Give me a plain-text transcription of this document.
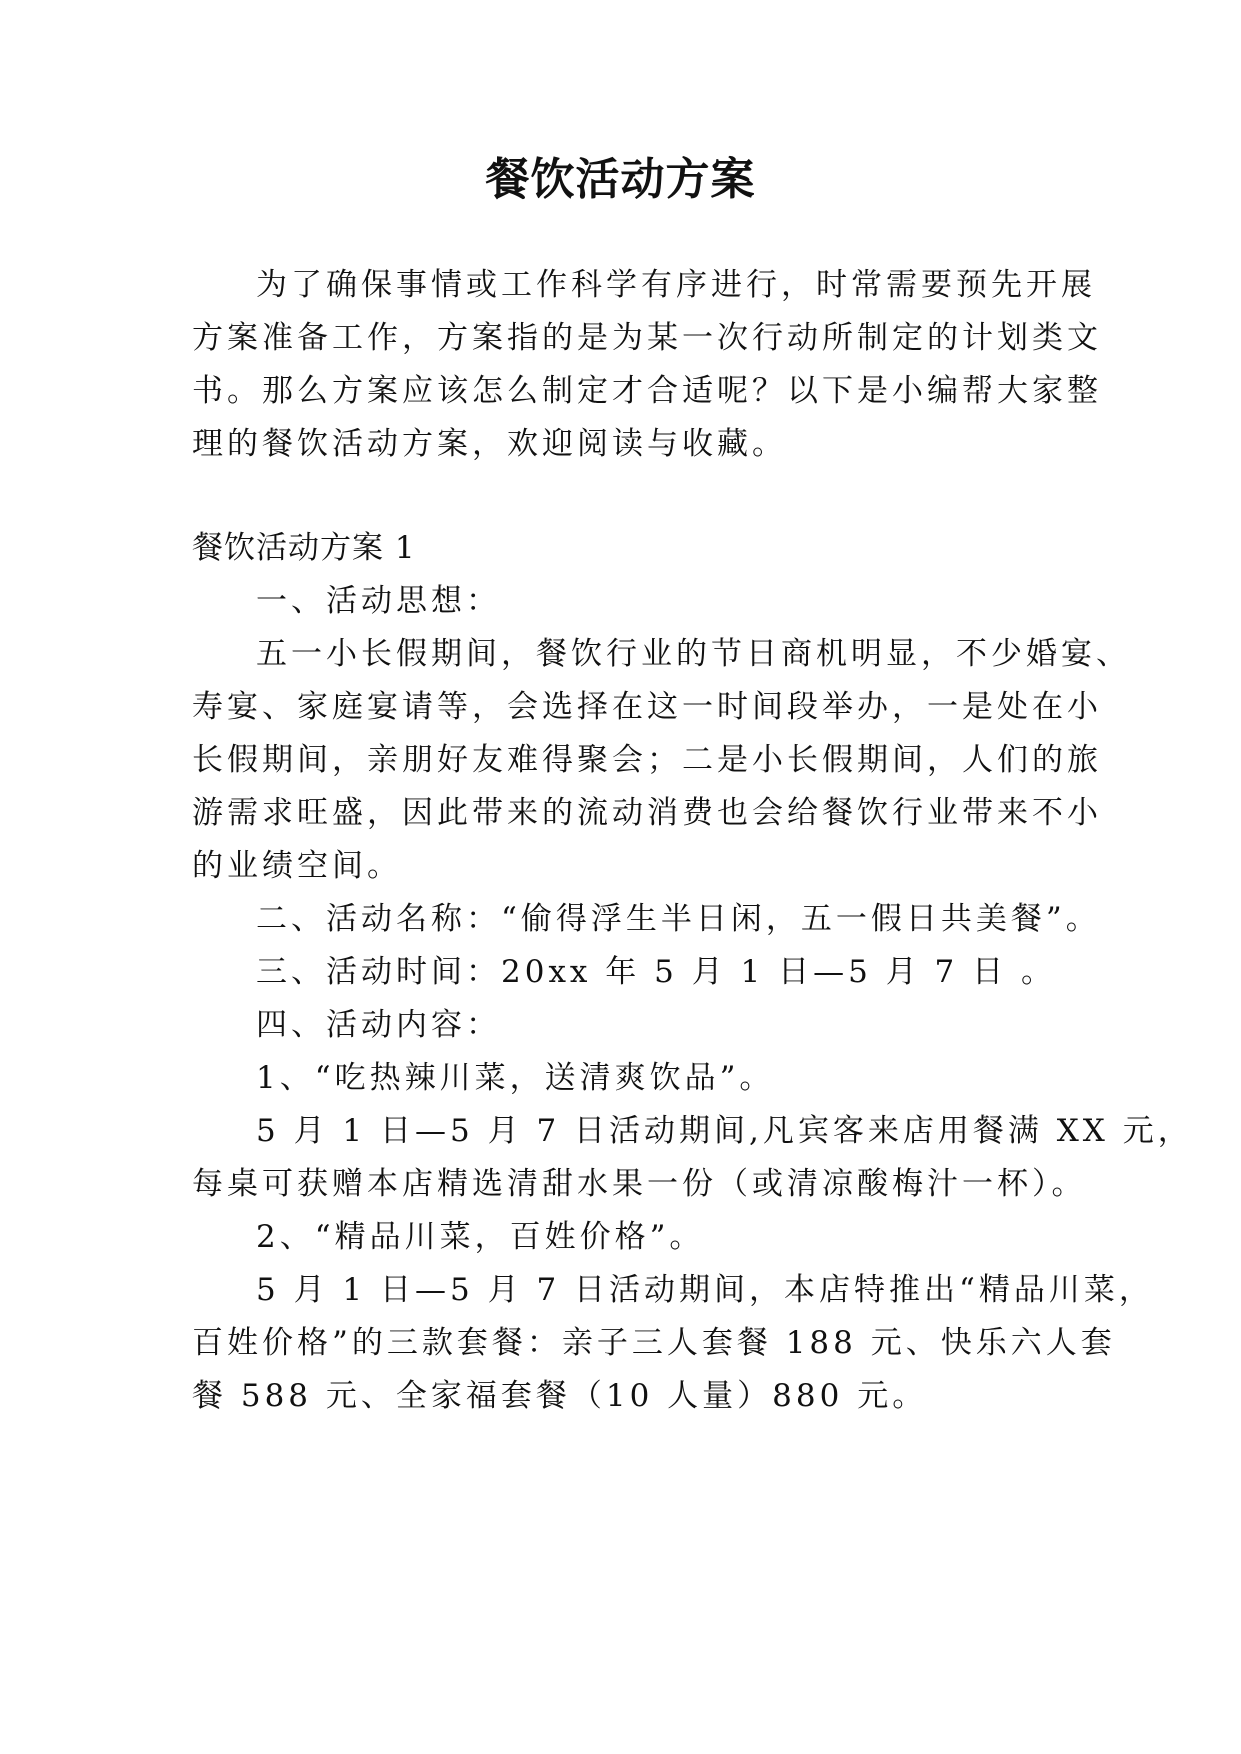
餐饮活动方案

为了确保事情或工作科学有序进行，时常需要预先开展

方案准备工作，方案指的是为某一次行动所制定的计划类文

书。那么方案应该怎么制定才合适呢？以下是小编帮大家整

理的餐饮活动方案，欢迎阅读与收藏。

餐饮活动方案 1

一、活动思想：

五一小长假期间，餐饮行业的节日商机明显，不少婚宴、

寿宴、家庭宴请等，会选择在这一时间段举办，一是处在小

长假期间，亲朋好友难得聚会；二是小长假期间，人们的旅

游需求旺盛，因此带来的流动消费也会给餐饮行业带来不小

的业绩空间。

二、活动名称：“偷得浮生半日闲，五一假日共美餐”。

三、活动时间：20xx 年 5 月 1 日—5 月 7 日 。

四、活动内容：

1、“吃热辣川菜，送清爽饮品”。

5 月 1 日—5 月 7 日活动期间,凡宾客来店用餐满 XX 元，

每桌可获赠本店精选清甜水果一份（或清凉酸梅汁一杯）。

2、“精品川菜，百姓价格”。

5 月 1 日—5 月 7 日活动期间，本店特推出“精品川菜，

百姓价格”的三款套餐：亲子三人套餐 188 元、快乐六人套

餐 588 元、全家福套餐（10 人量）880 元。
